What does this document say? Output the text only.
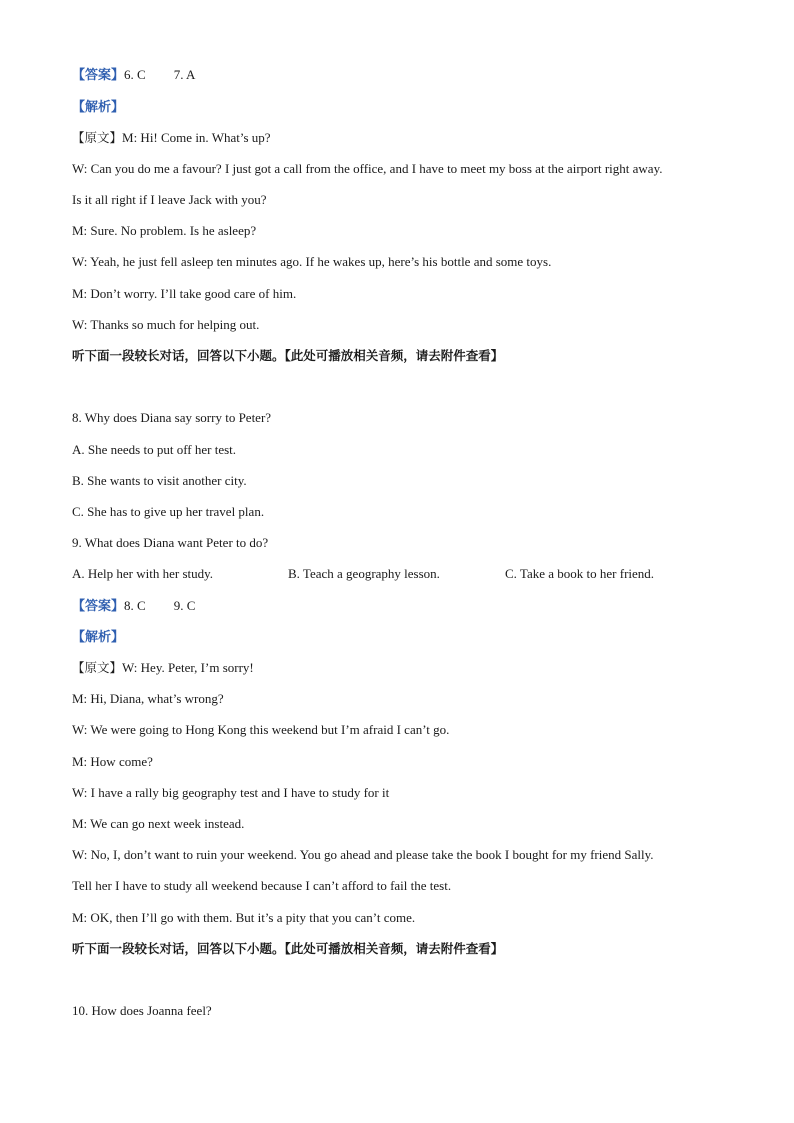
【答案】6. C 7. A
【解析】
【原文】M: Hi! Come in. What’s up?
W: Can you do me a favour? I just got a call from the office, and I have to meet my boss at the airport right away.
Is it all right if I leave Jack with you?
M: Sure. No problem. Is he asleep?
W: Yeah, he just fell asleep ten minutes ago. If he wakes up, here’s his bottle and some toys.
M: Don’t worry. I’ll take good care of him.
W: Thanks so much for helping out.
听下面一段较长对话，回答以下小题。【此处可播放相关音频，请去附件查看】
8. Why does Diana say sorry to Peter?
A. She needs to put off her test.
B. She wants to visit another city.
C. She has to give up her travel plan.
9. What does Diana want Peter to do?
A. Help her with her study.	B. Teach a geography lesson.	C. Take a book to her friend.
【答案】8. C 9. C
【解析】
【原文】W: Hey. Peter, I’m sorry!
M: Hi, Diana, what’s wrong?
W: We were going to Hong Kong this weekend but I’m afraid I can’t go.
M: How come?
W: I have a rally big geography test and I have to study for it
M: We can go next week instead.
W: No, I, don’t want to ruin your weekend. You go ahead and please take the book I bought for my friend Sally.
Tell her I have to study all weekend because I can’t afford to fail the test.
M: OK, then I’ll go with them. But it’s a pity that you can’t come.
听下面一段较长对话，回答以下小题。【此处可播放相关音频，请去附件查看】
10. How does Joanna feel?
